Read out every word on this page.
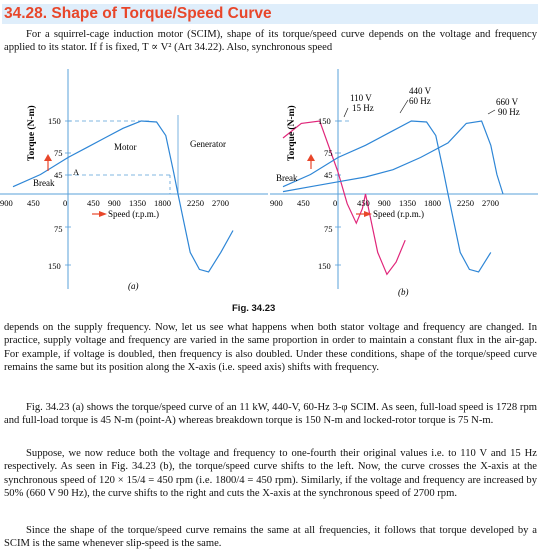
34.28. Shape of Torque/Speed Curve

For a squirrel-cage induction motor (SCIM), shape of its torque/speed curve depends on the voltage and frequency applied to its stator. If f is fixed, T ∝ V² (Art 34.22). Also, synchronous speed

150
75
45
75
150
A
Motor	Generator
Break
Torque (N-m)
900 450	0 450 900 1350 1800 2250 2700
Speed (r.p.m.)
(a)
150
75
45
75
150
Break
Torque (N-m)
110 V
15 Hz
440 V
60 Hz	660 V
90 Hz
900 450	0 450 900 1350 1800 2250 2700
Speed (r.p.m.)
(b)
Fig. 34.23

depends on the supply frequency. Now, let us see what happens when both stator voltage and frequency are changed. In practice, supply voltage and frequency are varied in the same proportion in order to maintain a constant flux in the air-gap. For example, if voltage is doubled, then frequency is also doubled. Under these conditions, shape of the torque/speed curve remains the same but its position along the X-axis (i.e. speed axis) shifts with frequency.

Fig. 34.23 (a) shows the torque/speed curve of an 11 kW, 440-V, 60-Hz 3-φ SCIM. As seen, full-load speed is 1728 rpm and full-load torque is 45 N-m (point-A) whereas breakdown torque is 150 N-m and locked-rotor torque is 75 N-m.

Suppose, we now reduce both the voltage and frequency to one-fourth their original values i.e. to 110 V and 15 Hz respectively. As seen in Fig. 34.23 (b), the torque/speed curve shifts to the left. Now, the curve crosses the X-axis at the synchronous speed of 120 × 15/4 = 450 rpm (i.e. 1800/4 = 450 rpm). Similarly, if the voltage and frequency are increased by 50% (660 V 90 Hz), the curve shifts to the right and cuts the X-axis at the synchronous speed of 2700 rpm.

Since the shape of the torque/speed curve remains the same at all frequencies, it follows that torque developed by a SCIM is the same whenever slip-speed is the same.
